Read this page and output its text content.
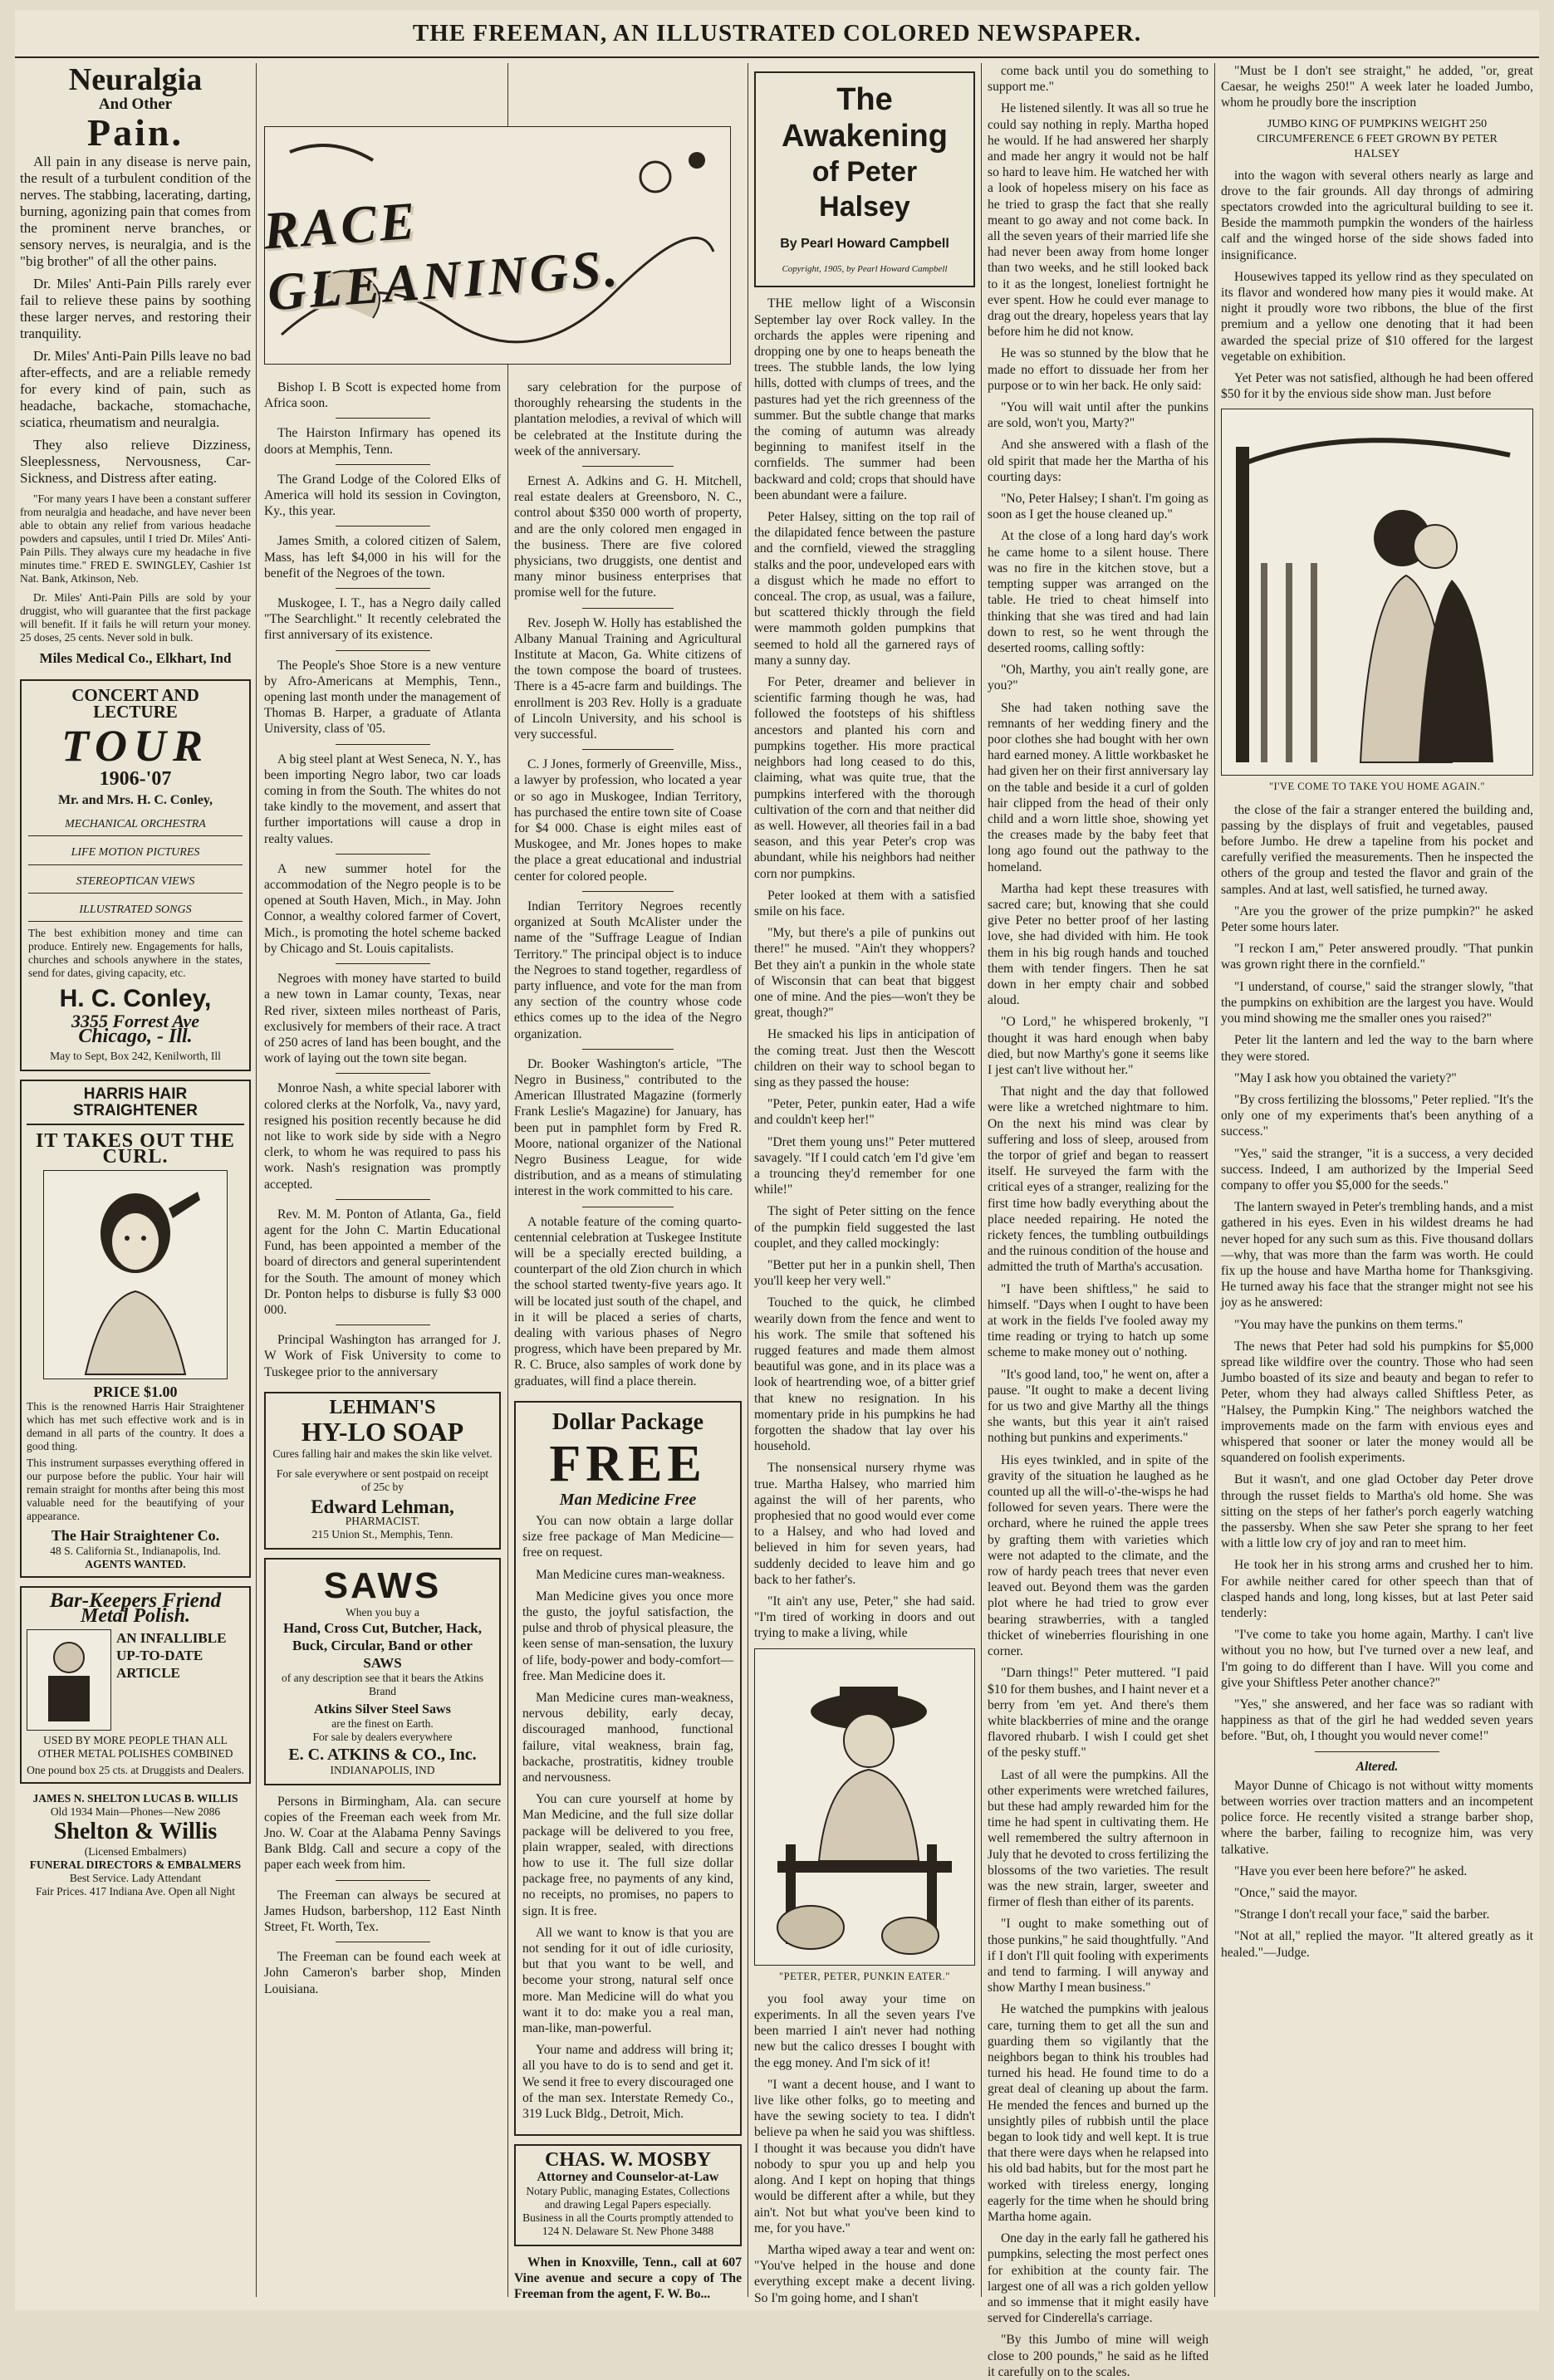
THE FREEMAN, AN ILLUSTRATED COLORED NEWSPAPER.
Neuralgia
And Other
Pain.

All pain in any disease is nerve pain, the result of a turbulent condition of the nerves. The stabbing, lacerating, darting, burning, agonizing pain that comes from the prominent nerve branches, or sensory nerves, is neuralgia, and is the "big brother" of all the other pains.

Dr. Miles' Anti-Pain Pills rarely ever fail to relieve these pains by soothing these larger nerves, and restoring their tranquility.

Dr. Miles' Anti-Pain Pills leave no bad after-effects, and are a reliable remedy for every kind of pain, such as headache, backache, stomachache, sciatica, rheumatism and neuralgia.

They also relieve Dizziness, Sleeplessness, Nervousness, Car-Sickness, and Distress after eating.

"For many years I have been a constant sufferer from neuralgia and headache, and have never been able to obtain any relief from various headache powders and capsules, until I tried Dr. Miles' Anti-Pain Pills. They always cure my headache in five minutes time." FRED E. SWINGLEY, Cashier 1st Nat. Bank, Atkinson, Neb.

Dr. Miles' Anti-Pain Pills are sold by your druggist, who will guarantee that the first package will benefit. If it fails he will return your money. 25 doses, 25 cents. Never sold in bulk.

Miles Medical Co., Elkhart, Ind
CONCERT AND LECTURE
TOUR
1906-'07
Mr. and Mrs. H. C. Conley,
MECHANICAL ORCHESTRA
LIFE MOTION PICTURES
STEREOPTICAN VIEWS
ILLUSTRATED SONGS
The best exhibition money and time can produce. Entirely new. Engagements for halls, churches and schools anywhere in the states, send for dates, giving capacity, etc.
H. C. Conley,
3355 Forrest Ave
Chicago, - Ill.
May to Sept, Box 242, Kenilworth, Ill
HARRIS HAIR STRAIGHTENER
IT TAKES OUT THE CURL.
PRICE $1.00
This is the renowned Harris Hair Straightener which has met such effective work and is in demand in all parts of the country. It does a good thing.
This instrument surpasses everything offered in our purpose before the public. Your hair will remain straight for months after being this most valuable need for the beautifying of your appearance.
The Hair Straightener Co.
48 S. California St., Indianapolis, Ind.
AGENTS WANTED.
Bar-Keepers Friend
Metal Polish.
AN INFALLIBLE UP-TO-DATE ARTICLE
USED BY MORE PEOPLE THAN ALL OTHER METAL POLISHES COMBINED
One pound box 25 cts. at Druggists and Dealers.
JAMES N. SHELTON LUCAS B. WILLIS
Old 1934 Main—Phones—New 2086
Shelton & Willis
(Licensed Embalmers)
FUNERAL DIRECTORS & EMBALMERS
Best Service. Lady Attendant
Fair Prices. 417 Indiana Ave. Open all Night
RACE GLEANINGS.

Bishop I. B Scott is expected home from Africa soon.

The Hairston Infirmary has opened its doors at Memphis, Tenn.

The Grand Lodge of the Colored Elks of America will hold its session in Covington, Ky., this year.

James Smith, a colored citizen of Salem, Mass, has left $4,000 in his will for the benefit of the Negroes of the town.

Muskogee, I. T., has a Negro daily called "The Searchlight." It recently celebrated the first anniversary of its existence.

The People's Shoe Store is a new venture by Afro-Americans at Memphis, Tenn., opening last month under the management of Thomas B. Harper, a graduate of Atlanta University, class of '05.

A big steel plant at West Seneca, N. Y., has been importing Negro labor, two car loads coming in from the South. The whites do not take kindly to the movement, and assert that further importations will cause a drop in realty values.

A new summer hotel for the accommodation of the Negro people is to be opened at South Haven, Mich., in May. John Connor, a wealthy colored farmer of Covert, Mich., is promoting the hotel scheme backed by Chicago and St. Louis capitalists.

Negroes with money have started to build a new town in Lamar county, Texas, near Red river, sixteen miles northeast of Paris, exclusively for members of their race. A tract of 250 acres of land has been bought, and the work of laying out the town site began.

Monroe Nash, a white special laborer with colored clerks at the Norfolk, Va., navy yard, resigned his position recently because he did not like to work side by side with a Negro clerk, to whom he was required to pass his work. Nash's resignation was promptly accepted.

Rev. M. M. Ponton of Atlanta, Ga., field agent for the John C. Martin Educational Fund, has been appointed a member of the board of directors and general superintendent for the South. The amount of money which Dr. Ponton helps to disburse is fully $3 000 000.

Principal Washington has arranged for J. W Work of Fisk University to come to Tuskegee prior to the anniversary

LEHMAN'S
HY-LO SOAP
Cures falling hair and makes the skin like velvet.
For sale everywhere or sent postpaid on receipt of 25c by
Edward Lehman,
PHARMACIST.
215 Union St., Memphis, Tenn.
SAWS
When you buy a
Hand, Cross Cut, Butcher, Hack, Buck, Circular, Band or other SAWS
of any description see that it bears the Atkins Brand
Atkins Silver Steel Saws
are the finest on Earth.
For sale by dealers everywhere
E. C. ATKINS & CO., Inc.
INDIANAPOLIS, IND

Persons in Birmingham, Ala. can secure copies of the Freeman each week from Mr. Jno. W. Coar at the Alabama Penny Savings Bank Bldg. Call and secure a copy of the paper each week from him.

The Freeman can always be secured at James Hudson, barbershop, 112 East Ninth Street, Ft. Worth, Tex.

The Freeman can be found each week at John Cameron's barber shop, Minden Louisiana.

sary celebration for the purpose of thoroughly rehearsing the students in the plantation melodies, a revival of which will be celebrated at the Institute during the week of the anniversary.

Ernest A. Adkins and G. H. Mitchell, real estate dealers at Greensboro, N. C., control about $350 000 worth of property, and are the only colored men engaged in the business. There are five colored physicians, two druggists, one dentist and many minor business enterprises that promise well for the future.

Rev. Joseph W. Holly has established the Albany Manual Training and Agricultural Institute at Macon, Ga. White citizens of the town compose the board of trustees. There is a 45-acre farm and buildings. The enrollment is 203 Rev. Holly is a graduate of Lincoln University, and his school is very successful.

C. J Jones, formerly of Greenville, Miss., a lawyer by profession, who located a year or so ago in Muskogee, Indian Territory, has purchased the entire town site of Coase for $4 000. Chase is eight miles east of Muskogee, and Mr. Jones hopes to make the place a great educational and industrial center for colored people.

Indian Territory Negroes recently organized at South McAlister under the name of the "Suffrage League of Indian Territory." The principal object is to induce the Negroes to stand together, regardless of party influence, and vote for the man from any section of the country whose code ethics comes up to the idea of the Negro organization.

Dr. Booker Washington's article, "The Negro in Business," contributed to the American Illustrated Magazine (formerly Frank Leslie's Magazine) for January, has been put in pamphlet form by Fred R. Moore, national organizer of the National Negro Business League, for wide distribution, and as a means of stimulating interest in the work committed to his care.

A notable feature of the coming quarto-centennial celebration at Tuskegee Institute will be a specially erected building, a counterpart of the old Zion church in which the school started twenty-five years ago. It will be located just south of the chapel, and in it will be placed a series of charts, dealing with various phases of Negro progress, which have been prepared by Mr. R. C. Bruce, also samples of work done by graduates, will find a place therein.

Dollar Package
FREE
Man Medicine Free

You can now obtain a large dollar size free package of Man Medicine—free on request.

Man Medicine cures man-weakness.

Man Medicine gives you once more the gusto, the joyful satisfaction, the pulse and throb of physical pleasure, the keen sense of man-sensation, the luxury of life, body-power and body-comfort—free. Man Medicine does it.

Man Medicine cures man-weakness, nervous debility, early decay, discouraged manhood, functional failure, vital weakness, brain fag, backache, prostratitis, kidney trouble and nervousness.

You can cure yourself at home by Man Medicine, and the full size dollar package will be delivered to you free, plain wrapper, sealed, with directions how to use it. The full size dollar package free, no payments of any kind, no receipts, no promises, no papers to sign. It is free.

All we want to know is that you are not sending for it out of idle curiosity, but that you want to be well, and become your strong, natural self once more. Man Medicine will do what you want it to do: make you a real man, man-like, man-powerful.

Your name and address will bring it; all you have to do is to send and get it. We send it free to every discouraged one of the man sex. Interstate Remedy Co., 319 Luck Bldg., Detroit, Mich.

CHAS. W. MOSBY
Attorney and Counselor-at-Law
Notary Public, managing Estates, Collections and drawing Legal Papers especially.
Business in all the Courts promptly attended to
124 N. Delaware St. New Phone 3488

When in Knoxville, Tenn., call at 607 Vine avenue and secure a copy of The Freeman from the agent, F. W. Bo...

The Awakening
of Peter Halsey
By Pearl Howard Campbell
Copyright, 1905, by Pearl Howard Campbell

THE mellow light of a Wisconsin September lay over Rock valley. In the orchards the apples were ripening and dropping one by one to heaps beneath the trees. The stubble lands, the low lying hills, dotted with clumps of trees, and the pastures had yet the rich greenness of the summer. But the subtle change that marks the coming of autumn was already beginning to manifest itself in the cornfields. The summer had been backward and cold; crops that should have been abundant were a failure.

Peter Halsey, sitting on the top rail of the dilapidated fence between the pasture and the cornfield, viewed the straggling stalks and the poor, undeveloped ears with a disgust which he made no effort to conceal. The crop, as usual, was a failure, but scattered thickly through the field were mammoth golden pumpkins that seemed to hold all the garnered rays of many a sunny day.

For Peter, dreamer and believer in scientific farming though he was, had followed the footsteps of his shiftless ancestors and planted his corn and pumpkins together. His more practical neighbors had long ceased to do this, claiming, what was quite true, that the pumpkins interfered with the thorough cultivation of the corn and that neither did as well. However, all theories fail in a bad season, and this year Peter's crop was abundant, while his neighbors had neither corn nor pumpkins.

Peter looked at them with a satisfied smile on his face.

"My, but there's a pile of punkins out there!" he mused. "Ain't they whoppers? Bet they ain't a punkin in the whole state of Wisconsin that can beat that biggest one of mine. And the pies—won't they be great, though?"

He smacked his lips in anticipation of the coming treat. Just then the Wescott children on their way to school began to sing as they passed the house:

"Peter, Peter, punkin eater, Had a wife and couldn't keep her!"

"Dret them young uns!" Peter muttered savagely. "If I could catch 'em I'd give 'em a trouncing they'd remember for one while!"

The sight of Peter sitting on the fence of the pumpkin field suggested the last couplet, and they called mockingly:

"Better put her in a punkin shell, Then you'll keep her very well."

Touched to the quick, he climbed wearily down from the fence and went to his work. The smile that softened his rugged features and made them almost beautiful was gone, and in its place was a look of heartrending woe, of a bitter grief that knew no resignation. In his momentary pride in his pumpkins he had forgotten the shadow that lay over his household.

The nonsensical nursery rhyme was true. Martha Halsey, who married him against the will of her parents, who prophesied that no good would ever come to a Halsey, and who had loved and believed in him for seven years, had suddenly decided to leave him and go back to her father's.

"It ain't any use, Peter," she had said. "I'm tired of working in doors and out trying to make a living, while

"PETER, PETER, PUNKIN EATER."

you fool away your time on experiments. In all the seven years I've been married I ain't never had nothing new but the calico dresses I bought with the egg money. And I'm sick of it!

"I want a decent house, and I want to live like other folks, go to meeting and have the sewing society to tea. I didn't believe pa when he said you was shiftless. I thought it was because you didn't have nobody to spur you up and help you along. And I kept on hoping that things would be different after a while, but they ain't. Not but what you've been kind to me, for you have."

Martha wiped away a tear and went on: "You've helped in the house and done everything except make a decent living. So I'm going home, and I shan't

come back until you do something to support me."

He listened silently. It was all so true he could say nothing in reply. Martha hoped he would. If he had answered her sharply and made her angry it would not be half so hard to leave him. He watched her with a look of hopeless misery on his face as he tried to grasp the fact that she really meant to go away and not come back. In all the seven years of their married life she had never been away from home longer than two weeks, and he still looked back to it as the longest, loneliest fortnight he ever spent. How he could ever manage to drag out the dreary, hopeless years that lay before him he did not know.

He was so stunned by the blow that he made no effort to dissuade her from her purpose or to win her back. He only said:

"You will wait until after the punkins are sold, won't you, Marty?"

And she answered with a flash of the old spirit that made her the Martha of his courting days:

"No, Peter Halsey; I shan't. I'm going as soon as I get the house cleaned up."

At the close of a long hard day's work he came home to a silent house. There was no fire in the kitchen stove, but a tempting supper was arranged on the table. He tried to cheat himself into thinking that she was tired and had lain down to rest, so he went through the deserted rooms, calling softly:

"Oh, Marthy, you ain't really gone, are you?"

She had taken nothing save the remnants of her wedding finery and the poor clothes she had bought with her own hard earned money. A little workbasket he had given her on their first anniversary lay on the table and beside it a curl of golden hair clipped from the head of their only child and a worn little shoe, showing yet the creases made by the baby feet that long ago found out the pathway to the homeland.

Martha had kept these treasures with sacred care; but, knowing that she could give Peter no better proof of her lasting love, she had divided with him. He took them in his big rough hands and touched them with tender fingers. Then he sat down in her empty chair and sobbed aloud.

"O Lord," he whispered brokenly, "I thought it was hard enough when baby died, but now Marthy's gone it seems like I jest can't live without her."

That night and the day that followed were like a wretched nightmare to him. On the next his mind was clear by suffering and loss of sleep, aroused from the torpor of grief and began to reassert itself. He surveyed the farm with the critical eyes of a stranger, realizing for the first time how badly everything about the place needed repairing. He noted the rickety fences, the tumbling outbuildings and the ruinous condition of the house and admitted the truth of Martha's accusation.

"I have been shiftless," he said to himself. "Days when I ought to have been at work in the fields I've fooled away my time reading or trying to hatch up some scheme to make money out o' nothing.

"It's good land, too," he went on, after a pause. "It ought to make a decent living for us two and give Marthy all the things she wants, but this year it ain't raised nothing but punkins and experiments."

His eyes twinkled, and in spite of the gravity of the situation he laughed as he counted up all the will-o'-the-wisps he had followed for seven years. There were the orchard, where he ruined the apple trees by grafting them with varieties which were not adapted to the climate, and the row of hardy peach trees that never even leaved out. Beyond them was the garden plot where he had tried to grow ever bearing strawberries, with a tangled thicket of wineberries flourishing in one corner.

"Darn things!" Peter muttered. "I paid $10 for them bushes, and I haint never et a berry from 'em yet. And there's them white blackberries of mine and the orange flavored rhubarb. I wish I could get shet of the pesky stuff."

Last of all were the pumpkins. All the other experiments were wretched failures, but these had amply rewarded him for the time he had spent in cultivating them. He well remembered the sultry afternoon in July that he devoted to cross fertilizing the blossoms of the two varieties. The result was the new strain, larger, sweeter and firmer of flesh than either of its parents.

"I ought to make something out of those punkins," he said thoughtfully. "And if I don't I'll quit fooling with experiments and tend to farming. I will anyway and show Marthy I mean business."

He watched the pumpkins with jealous care, turning them to get all the sun and guarding them so vigilantly that the neighbors began to think his troubles had turned his head. He found time to do a great deal of cleaning up about the farm. He mended the fences and burned up the unsightly piles of rubbish until the place began to look tidy and well kept. It is true that there were days when he relapsed into his old bad habits, but for the most part he worked with tireless energy, longing eagerly for the time when he should bring Martha home again.

One day in the early fall he gathered his pumpkins, selecting the most perfect ones for exhibition at the county fair. The largest one of all was a rich golden yellow and so immense that it might easily have served for Cinderella's carriage.

"By this Jumbo of mine will weigh close to 200 pounds," he said as he lifted it carefully on to the scales.

"Must be I don't see straight," he added, "or, great Caesar, he weighs 250!" A week later he loaded Jumbo, whom he proudly bore the inscription

JUMBO KING OF PUMPKINS WEIGHT 250 CIRCUMFERENCE 6 FEET GROWN BY PETER HALSEY

into the wagon with several others nearly as large and drove to the fair grounds. All day throngs of admiring spectators crowded into the agricultural building to see it. Beside the mammoth pumpkin the wonders of the hairless calf and the winged horse of the side shows faded into insignificance.

Housewives tapped its yellow rind as they speculated on its flavor and wondered how many pies it would make. At night it proudly wore two ribbons, the blue of the first premium and a yellow one denoting that it had been awarded the special prize of $10 offered for the largest vegetable on exhibition.

Yet Peter was not satisfied, although he had been offered $50 for it by the envious side show man. Just before

"I'VE COME TO TAKE YOU HOME AGAIN."

the close of the fair a stranger entered the building and, passing by the displays of fruit and vegetables, paused before Jumbo. He drew a tapeline from his pocket and carefully verified the measurements. Then he inspected the others of the group and tested the flavor and grain of the samples. And at last, well satisfied, he turned away.

"Are you the grower of the prize pumpkin?" he asked Peter some hours later.

"I reckon I am," Peter answered proudly. "That punkin was grown right there in the cornfield."

"I understand, of course," said the stranger slowly, "that the pumpkins on exhibition are the largest you have. Would you mind showing me the smaller ones you raised?"

Peter lit the lantern and led the way to the barn where they were stored.

"May I ask how you obtained the variety?"

"By cross fertilizing the blossoms," Peter replied. "It's the only one of my experiments that's been anything of a success."

"Yes," said the stranger, "it is a success, a very decided success. Indeed, I am authorized by the Imperial Seed company to offer you $5,000 for the seeds."

The lantern swayed in Peter's trembling hands, and a mist gathered in his eyes. Even in his wildest dreams he had never hoped for any such sum as this. Five thousand dollars—why, that was more than the farm was worth. He could fix up the house and have Martha home for Thanksgiving. He turned away his face that the stranger might not see his joy as he answered:

"You may have the punkins on them terms."

The news that Peter had sold his pumpkins for $5,000 spread like wildfire over the country. Those who had seen Jumbo boasted of its size and beauty and began to refer to Peter, whom they had always called Shiftless Peter, as "Halsey, the Pumpkin King." The neighbors watched the improvements made on the farm with envious eyes and whispered that sooner or later the money would all be squandered on foolish experiments.

But it wasn't, and one glad October day Peter drove through the russet fields to Martha's old home. She was sitting on the steps of her father's porch eagerly watching the passersby. When she saw Peter she sprang to her feet with a little low cry of joy and ran to meet him.

He took her in his strong arms and crushed her to him. For awhile neither cared for other speech than that of clasped hands and long, long kisses, but at last Peter said tenderly:

"I've come to take you home again, Marthy. I can't live without you no how, but I've turned over a new leaf, and I'm going to do different than I have. Will you come and give your Shiftless Peter another chance?"

"Yes," she answered, and her face was so radiant with happiness as that of the girl he had wedded seven years before. "But, oh, I thought you would never come!"

Altered.

Mayor Dunne of Chicago is not without witty moments between worries over traction matters and an incompetent police force. He recently visited a strange barber shop, where the barber, failing to recognize him, was very talkative.

"Have you ever been here before?" he asked.

"Once," said the mayor.

"Strange I don't recall your face," said the barber.

"Not at all," replied the mayor. "It altered greatly as it healed."—Judge.
